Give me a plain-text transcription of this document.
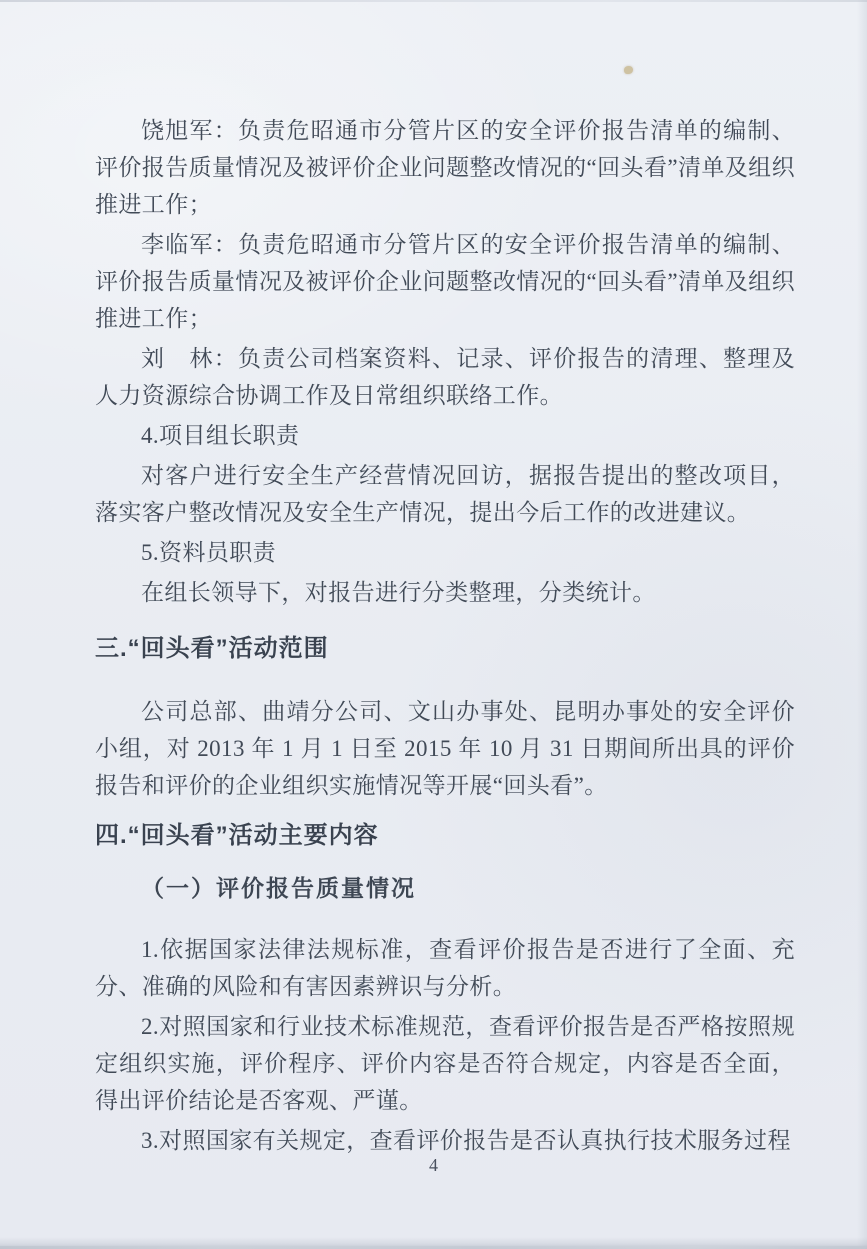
饶旭军：负责危昭通市分管片区的安全评价报告清单的编制、评价报告质量情况及被评价企业问题整改情况的“回头看”清单及组织推进工作；

李临军：负责危昭通市分管片区的安全评价报告清单的编制、评价报告质量情况及被评价企业问题整改情况的“回头看”清单及组织推进工作；

刘　林：负责公司档案资料、记录、评价报告的清理、整理及人力资源综合协调工作及日常组织联络工作。

4.项目组长职责

对客户进行安全生产经营情况回访，据报告提出的整改项目，落实客户整改情况及安全生产情况，提出今后工作的改进建议。

5.资料员职责

在组长领导下，对报告进行分类整理，分类统计。

三.“回头看”活动范围

公司总部、曲靖分公司、文山办事处、昆明办事处的安全评价小组，对 2013 年 1 月 1 日至 2015 年 10 月 31 日期间所出具的评价报告和评价的企业组织实施情况等开展“回头看”。

四.“回头看”活动主要内容

（一）评价报告质量情况

1.依据国家法律法规标准，查看评价报告是否进行了全面、充分、准确的风险和有害因素辨识与分析。

2.对照国家和行业技术标准规范，查看评价报告是否严格按照规定组织实施，评价程序、评价内容是否符合规定，内容是否全面，得出评价结论是否客观、严谨。

3.对照国家有关规定，查看评价报告是否认真执行技术服务过程

4
